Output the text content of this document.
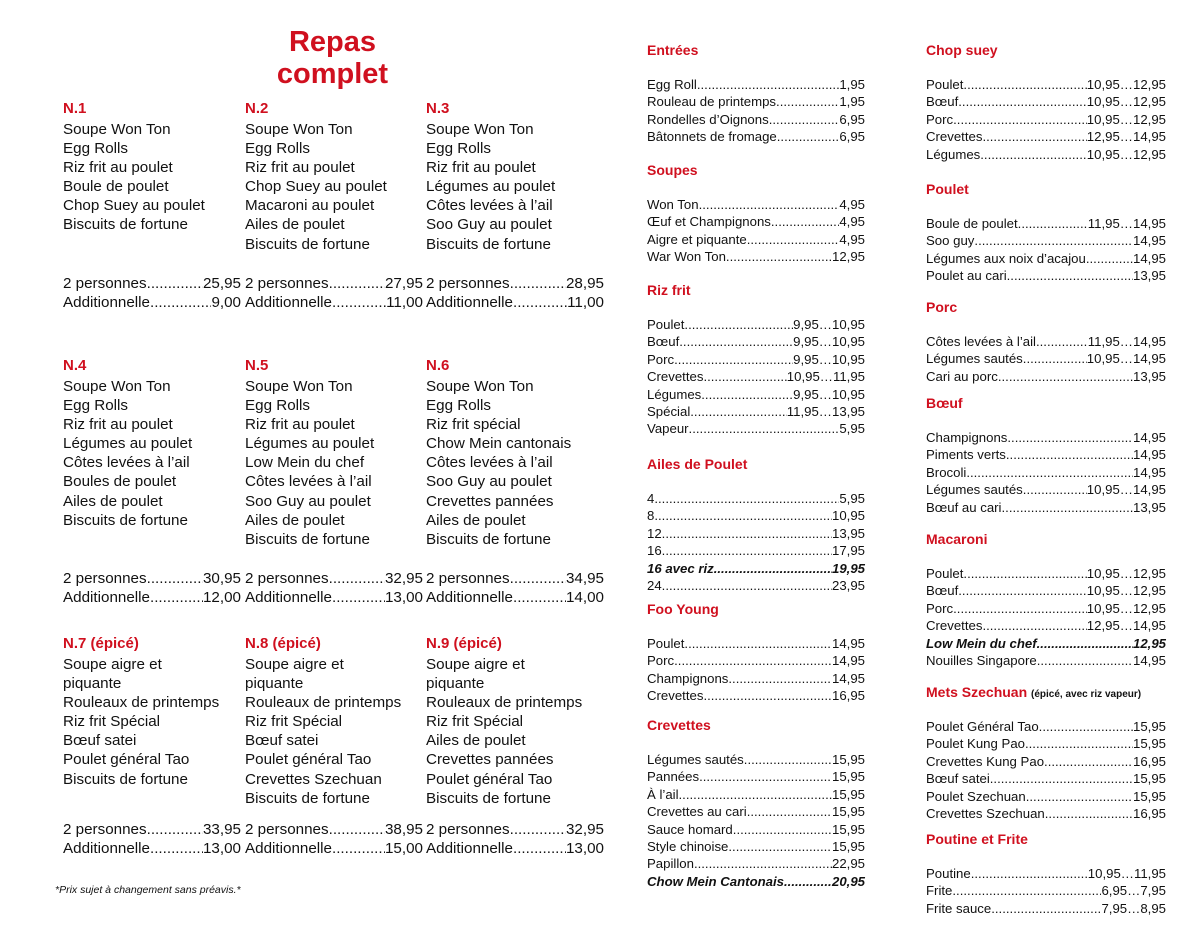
Repas
complet
N.1
Soupe Won Ton
Egg Rolls
Riz frit au poulet
Boule de poulet
Chop Suey au poulet
Biscuits de fortune
2 personnes .....	25,95
Additionnelle .....	9,00
N.2
Soupe Won Ton
Egg Rolls
Riz frit au poulet
Chop Suey au poulet
Macaroni au poulet
Ailes de poulet
Biscuits de fortune
2 personnes .....	27,95
Additionnelle .....	11,00
N.3
Soupe Won Ton
Egg Rolls
Riz frit au poulet
Légumes au poulet
Côtes levées à l’ail
Soo Guy au poulet
Biscuits de fortune
2 personnes .....	28,95
Additionnelle .....	11,00
N.4
Soupe Won Ton
Egg Rolls
Riz frit au poulet
Légumes au poulet
Côtes levées à l’ail
Boules de poulet
Ailes de poulet
Biscuits de fortune
2 personnes .....	30,95
Additionnelle .....	12,00
N.5
Soupe Won Ton
Egg Rolls
Riz frit au poulet
Légumes au poulet
Low Mein du chef
Côtes levées à l’ail
Soo Guy au poulet
Ailes de poulet
Biscuits de fortune
2 personnes .....	32,95
Additionnelle .....	13,00
N.6
Soupe Won Ton
Egg Rolls
Riz frit spécial
Chow Mein cantonais
Côtes levées à l’ail
Soo Guy au poulet
Crevettes pannées
Ailes de poulet
Biscuits de fortune
2 personnes .....	34,95
Additionnelle .....	14,00
N.7 (épicé)
Soupe aigre et
piquante
Rouleaux de printemps
Riz frit Spécial
Bœuf satei
Poulet général Tao
Biscuits de fortune
2 personnes .....	33,95
Additionnelle .....	13,00
N.8 (épicé)
Soupe aigre et
piquante
Rouleaux de printemps
Riz frit Spécial
Bœuf satei
Poulet général Tao
Crevettes Szechuan
Biscuits de fortune
2 personnes .....	38,95
Additionnelle .....	15,00
N.9 (épicé)
Soupe aigre et
piquante
Rouleaux de printemps
Riz frit Spécial
Ailes de poulet
Crevettes pannées
Poulet général Tao
Biscuits de fortune
2 personnes .....	32,95
Additionnelle .....	13,00
*Prix sujet à changement sans préavis.*
Entrées
Egg Roll .....	1,95
Rouleau de printemps .....	1,95
Rondelles d’Oignons .....	6,95
Bâtonnets de fromage .....	6,95
Soupes
Won Ton .....	4,95
Œuf et Champignons .....	4,95
Aigre et piquante .....	4,95
War Won Ton .....	12,95
Riz frit
Poulet .....	9,95…10,95
Bœuf .....	9,95…10,95
Porc .....	9,95…10,95
Crevettes .....	10,95…11,95
Légumes .....	9,95…10,95
Spécial .....	11,95…13,95
Vapeur .....	5,95
Ailes de Poulet
4 .....	5,95
8 .....	10,95
12 .....	13,95
16 .....	17,95
16 avec riz .....	19,95
24 .....	23,95
Foo Young
Poulet .....	14,95
Porc .....	14,95
Champignons .....	14,95
Crevettes .....	16,95
Crevettes
Légumes sautés .....	15,95
Pannées .....	15,95
À l’ail .....	15,95
Crevettes au cari .....	15,95
Sauce homard .....	15,95
Style chinoise .....	15,95
Papillon .....	22,95
Chow Mein Cantonais .....	20,95
Chop suey
Poulet .....	10,95…12,95
Bœuf .....	10,95…12,95
Porc .....	10,95…12,95
Crevettes .....	12,95…14,95
Légumes .....	10,95…12,95
Poulet
Boule de poulet .....	11,95…14,95
Soo guy .....	14,95
Légumes aux noix d’acajou .....	14,95
Poulet au cari .....	13,95
Porc
Côtes levées à l’ail .....	11,95…14,95
Légumes sautés .....	10,95…14,95
Cari au porc .....	13,95
Bœuf
Champignons .....	14,95
Piments verts .....	14,95
Brocoli .....	14,95
Légumes sautés .....	10,95…14,95
Bœuf au cari .....	13,95
Macaroni
Poulet .....	10,95…12,95
Bœuf .....	10,95…12,95
Porc .....	10,95…12,95
Crevettes .....	12,95…14,95
Low Mein du chef .....	12,95
Nouilles Singapore .....	14,95
Mets Szechuan (épicé, avec riz vapeur)
Poulet Général Tao .....	15,95
Poulet Kung Pao .....	15,95
Crevettes Kung Pao .....	16,95
Bœuf satei .....	15,95
Poulet Szechuan .....	15,95
Crevettes Szechuan .....	16,95
Poutine et Frite
Poutine .....	10,95…11,95
Frite .....	6,95…7,95
Frite sauce .....	7,95…8,95
